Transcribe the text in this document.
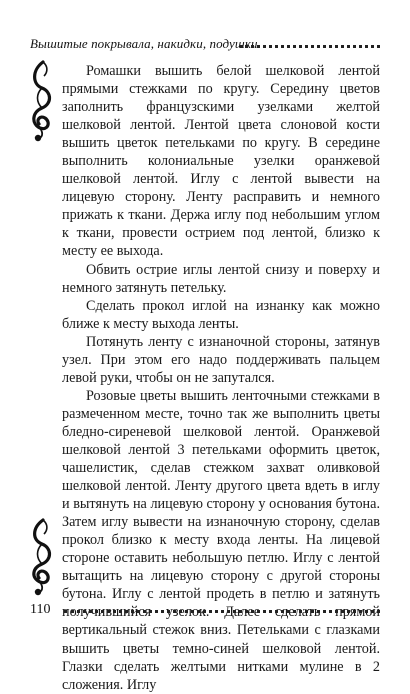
Вышитые покрывала, накидки, подушки

Ромашки вышить белой шелковой лентой прямыми стежками по кругу. Середину цветов заполнить французскими узелками желтой шелковой лентой. Лентой цвета слоновой кости вышить цветок петельками по кругу. В середине выполнить колониальные узелки оранжевой шелковой лентой. Иглу с лентой вывести на лицевую сторону. Ленту расправить и немного прижать к ткани. Держа иглу под небольшим углом к ткани, провести острием под лентой, близко к месту ее выхода.

Обвить острие иглы лентой снизу и поверху и немного затянуть петельку.

Сделать прокол иглой на изнанку как можно ближе к месту выхода ленты.

Потянуть ленту с изнаночной стороны, затянув узел. При этом его надо поддерживать пальцем левой руки, чтобы он не запутался.

Розовые цветы вышить ленточными стежками в размеченном месте, точно так же выполнить цветы бледно-сиреневой шелковой лентой. Оранжевой шелковой лентой 3 петельками оформить цветок, чашелистик, сделав стежком захват оливковой шелковой лентой. Ленту другого цвета вдеть в иглу и вытянуть на лицевую сторону у основания бутона. Затем иглу вывести на изнаночную сторону, сделав прокол близко к месту входа ленты. На лицевой стороне оставить небольшую петлю. Иглу с лентой вытащить на лицевую сторону с другой стороны бутона. Иглу с лентой продеть в петлю и затянуть получившийся узелок. Далее сделать прямой вертикальный стежок вниз. Петельками с глазками вышить цветы темно-синей шелковой лентой. Глазки сделать желтыми нитками мулине в 2 сложения. Иглу

110
